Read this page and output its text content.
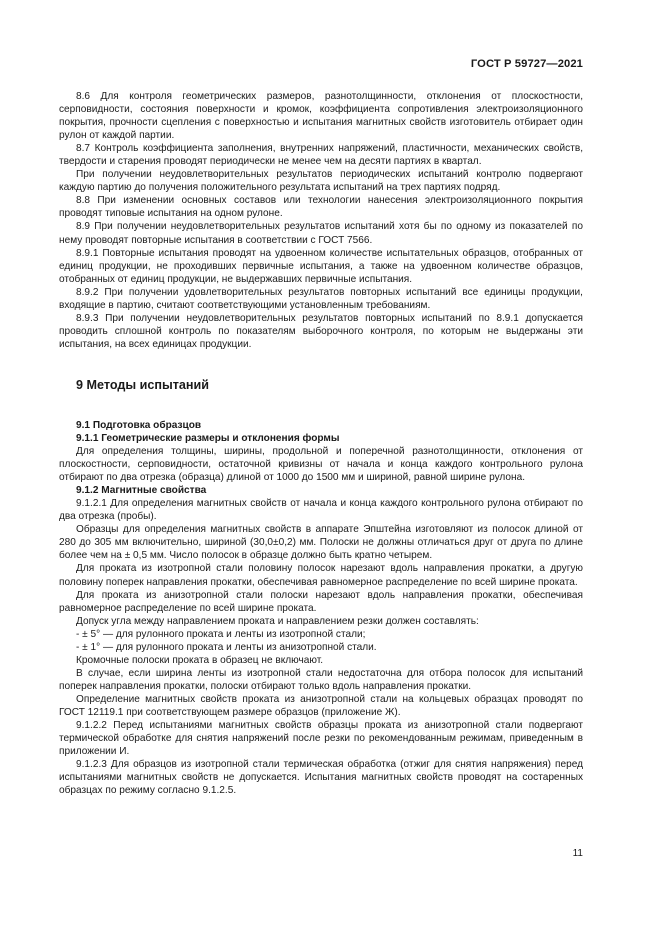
ГОСТ Р 59727—2021

8.6 Для контроля геометрических размеров, разнотолщинности, отклонения от плоскостности, серповидности, состояния поверхности и кромок, коэффициента сопротивления электроизоляционного покрытия, прочности сцепления с поверхностью и испытания магнитных свойств изготовитель отбирает один рулон от каждой партии.

8.7 Контроль коэффициента заполнения, внутренних напряжений, пластичности, механических свойств, твердости и старения проводят периодически не менее чем на десяти партиях в квартал.

При получении неудовлетворительных результатов периодических испытаний контролю подвергают каждую партию до получения положительного результата испытаний на трех партиях подряд.

8.8 При изменении основных составов или технологии нанесения электроизоляционного покрытия проводят типовые испытания на одном рулоне.

8.9 При получении неудовлетворительных результатов испытаний хотя бы по одному из показателей по нему проводят повторные испытания в соответствии с ГОСТ 7566.

8.9.1 Повторные испытания проводят на удвоенном количестве испытательных образцов, отобранных от единиц продукции, не проходивших первичные испытания, а также на удвоенном количестве образцов, отобранных от единиц продукции, не выдержавших первичные испытания.

8.9.2 При получении удовлетворительных результатов повторных испытаний все единицы продукции, входящие в партию, считают соответствующими установленным требованиям.

8.9.3 При получении неудовлетворительных результатов повторных испытаний по 8.9.1 допускается проводить сплошной контроль по показателям выборочного контроля, по которым не выдержаны эти испытания, на всех единицах продукции.

9 Методы испытаний

9.1 Подготовка образцов

9.1.1 Геометрические размеры и отклонения формы

Для определения толщины, ширины, продольной и поперечной разнотолщинности, отклонения от плоскостности, серповидности, остаточной кривизны от начала и конца каждого контрольного рулона отбирают по два отрезка (образца) длиной от 1000 до 1500 мм и шириной, равной ширине рулона.

9.1.2 Магнитные свойства

9.1.2.1 Для определения магнитных свойств от начала и конца каждого контрольного рулона отбирают по два отрезка (пробы).

Образцы для определения магнитных свойств в аппарате Эпштейна изготовляют из полосок длиной от 280 до 305 мм включительно, шириной (30,0±0,2) мм. Полоски не должны отличаться друг от друга по длине более чем на ± 0,5 мм. Число полосок в образце должно быть кратно четырем.

Для проката из изотропной стали половину полосок нарезают вдоль направления прокатки, а другую половину поперек направления прокатки, обеспечивая равномерное распределение по всей ширине проката.

Для проката из анизотропной стали полоски нарезают вдоль направления прокатки, обеспечивая равномерное распределение по всей ширине проката.

Допуск угла между направлением проката и направлением резки должен составлять:

- ± 5° — для рулонного проката и ленты из изотропной стали;

- ± 1° — для рулонного проката и ленты из анизотропной стали.

Кромочные полоски проката в образец не включают.

В случае, если ширина ленты из изотропной стали недостаточна для отбора полосок для испытаний поперек направления прокатки, полоски отбирают только вдоль направления прокатки.

Определение магнитных свойств проката из анизотропной стали на кольцевых образцах проводят по ГОСТ 12119.1 при соответствующем размере образцов (приложение Ж).

9.1.2.2 Перед испытаниями магнитных свойств образцы проката из анизотропной стали подвергают термической обработке для снятия напряжений после резки по рекомендованным режимам, приведенным в приложении И.

9.1.2.3 Для образцов из изотропной стали термическая обработка (отжиг для снятия напряжения) перед испытаниями магнитных свойств не допускается. Испытания магнитных свойств проводят на состаренных образцах по режиму согласно 9.1.2.5.

11
